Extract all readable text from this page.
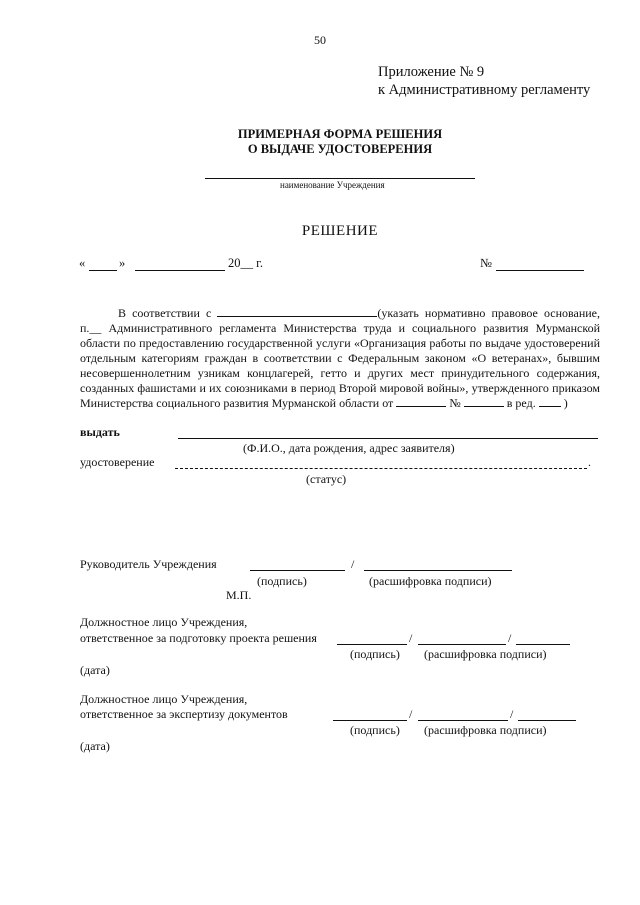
50
Приложение № 9
к Административному регламенту
ПРИМЕРНАЯ ФОРМА РЕШЕНИЯ
О ВЫДАЧЕ УДОСТОВЕРЕНИЯ
наименование Учреждения
РЕШЕНИЕ
«	»	20__ г.	№

В соответствии с	(указать нормативно правовое основание, п.__ Административного регламента Министерства труда и социального развития Мурманской области по предоставлению государственной услуги «Организация работы по выдаче удостоверений отдельным категориям граждан в соответствии с Федеральным законом «О ветеранах», бывшим несовершеннолетним узникам концлагерей, гетто и других мест принудительного содержания, созданных фашистами и их союзниками в период Второй мировой войны», утвержденного приказом Министерства социального развития Мурманской области от	№	в ред. )

выдать
(Ф.И.О., дата рождения, адрес заявителя)
удостоверение	.
(статус)
Руководитель Учреждения	/
(подпись)	(расшифровка подписи)
М.П.
Должностное лицо Учреждения,
ответственное за подготовку проекта решения	/	/
(подпись) (расшифровка подписи)
(дата)
Должностное лицо Учреждения,
ответственное за экспертизу документов	/	/
(подпись) (расшифровка подписи)
(дата)
